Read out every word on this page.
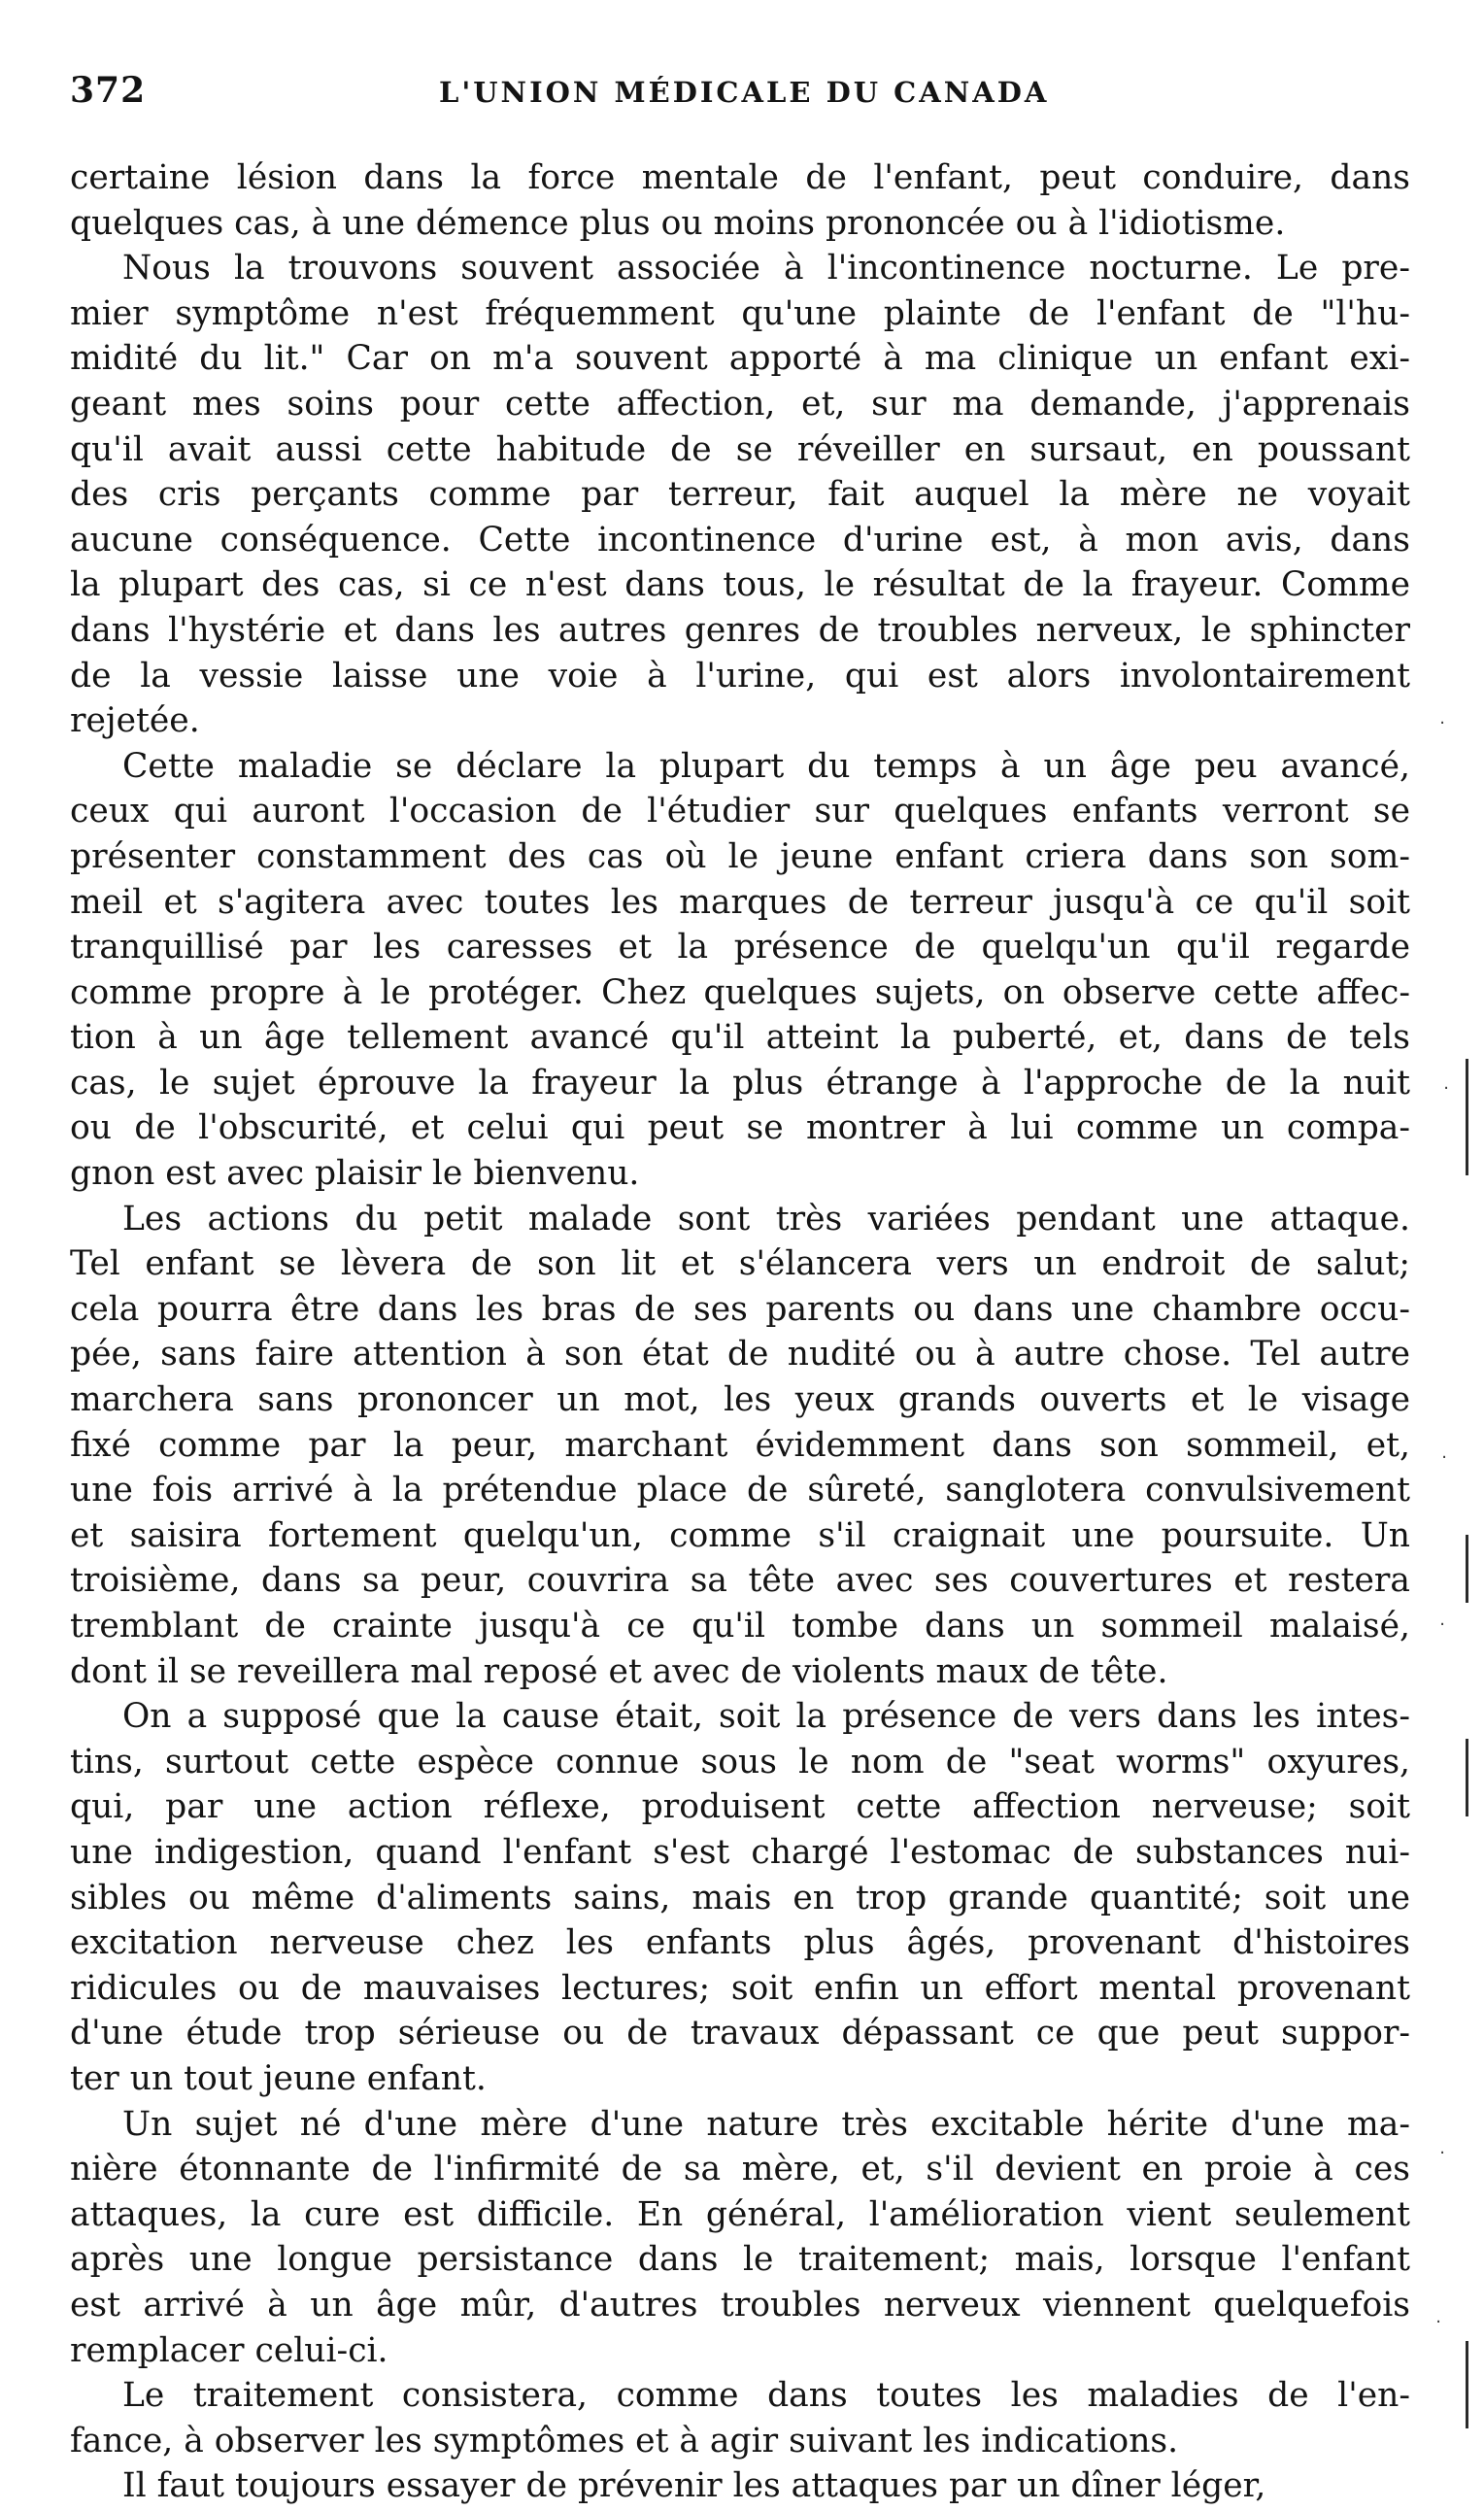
372	L'UNION MÉDICALE DU CANADA
certaine lésion dans la force mentale de l'enfant, peut conduire, dans
quelques cas, à une démence plus ou moins prononcée ou à l'idiotisme.
Nous la trouvons souvent associée à l'incontinence nocturne. Le pre-
mier symptôme n'est fréquemment qu'une plainte de l'enfant de "l'hu-
midité du lit." Car on m'a souvent apporté à ma clinique un enfant exi-
geant mes soins pour cette affection, et, sur ma demande, j'apprenais
qu'il avait aussi cette habitude de se réveiller en sursaut, en poussant
des cris perçants comme par terreur, fait auquel la mère ne voyait
aucune conséquence. Cette incontinence d'urine est, à mon avis, dans
la plupart des cas, si ce n'est dans tous, le résultat de la frayeur. Comme
dans l'hystérie et dans les autres genres de troubles nerveux, le sphincter
de la vessie laisse une voie à l'urine, qui est alors involontairement
rejetée.
Cette maladie se déclare la plupart du temps à un âge peu avancé,
ceux qui auront l'occasion de l'étudier sur quelques enfants verront se
présenter constamment des cas où le jeune enfant criera dans son som-
meil et s'agitera avec toutes les marques de terreur jusqu'à ce qu'il soit
tranquillisé par les caresses et la présence de quelqu'un qu'il regarde
comme propre à le protéger. Chez quelques sujets, on observe cette affec-
tion à un âge tellement avancé qu'il atteint la puberté, et, dans de tels
cas, le sujet éprouve la frayeur la plus étrange à l'approche de la nuit
ou de l'obscurité, et celui qui peut se montrer à lui comme un compa-
gnon est avec plaisir le bienvenu.
Les actions du petit malade sont très variées pendant une attaque.
Tel enfant se lèvera de son lit et s'élancera vers un endroit de salut;
cela pourra être dans les bras de ses parents ou dans une chambre occu-
pée, sans faire attention à son état de nudité ou à autre chose. Tel autre
marchera sans prononcer un mot, les yeux grands ouverts et le visage
fixé comme par la peur, marchant évidemment dans son sommeil, et,
une fois arrivé à la prétendue place de sûreté, sanglotera convulsivement
et saisira fortement quelqu'un, comme s'il craignait une poursuite. Un
troisième, dans sa peur, couvrira sa tête avec ses couvertures et restera
tremblant de crainte jusqu'à ce qu'il tombe dans un sommeil malaisé,
dont il se reveillera mal reposé et avec de violents maux de tête.
On a supposé que la cause était, soit la présence de vers dans les intes-
tins, surtout cette espèce connue sous le nom de "seat worms" oxyures,
qui, par une action réflexe, produisent cette affection nerveuse; soit
une indigestion, quand l'enfant s'est chargé l'estomac de substances nui-
sibles ou même d'aliments sains, mais en trop grande quantité; soit une
excitation nerveuse chez les enfants plus âgés, provenant d'histoires
ridicules ou de mauvaises lectures; soit enfin un effort mental provenant
d'une étude trop sérieuse ou de travaux dépassant ce que peut suppor-
ter un tout jeune enfant.
Un sujet né d'une mère d'une nature très excitable hérite d'une ma-
nière étonnante de l'infirmité de sa mère, et, s'il devient en proie à ces
attaques, la cure est difficile. En général, l'amélioration vient seulement
après une longue persistance dans le traitement; mais, lorsque l'enfant
est arrivé à un âge mûr, d'autres troubles nerveux viennent quelquefois
remplacer celui-ci.
Le traitement consistera, comme dans toutes les maladies de l'en-
fance, à observer les symptômes et à agir suivant les indications.
Il faut toujours essayer de prévenir les attaques par un dîner léger,
·
·
·
·
·
·
